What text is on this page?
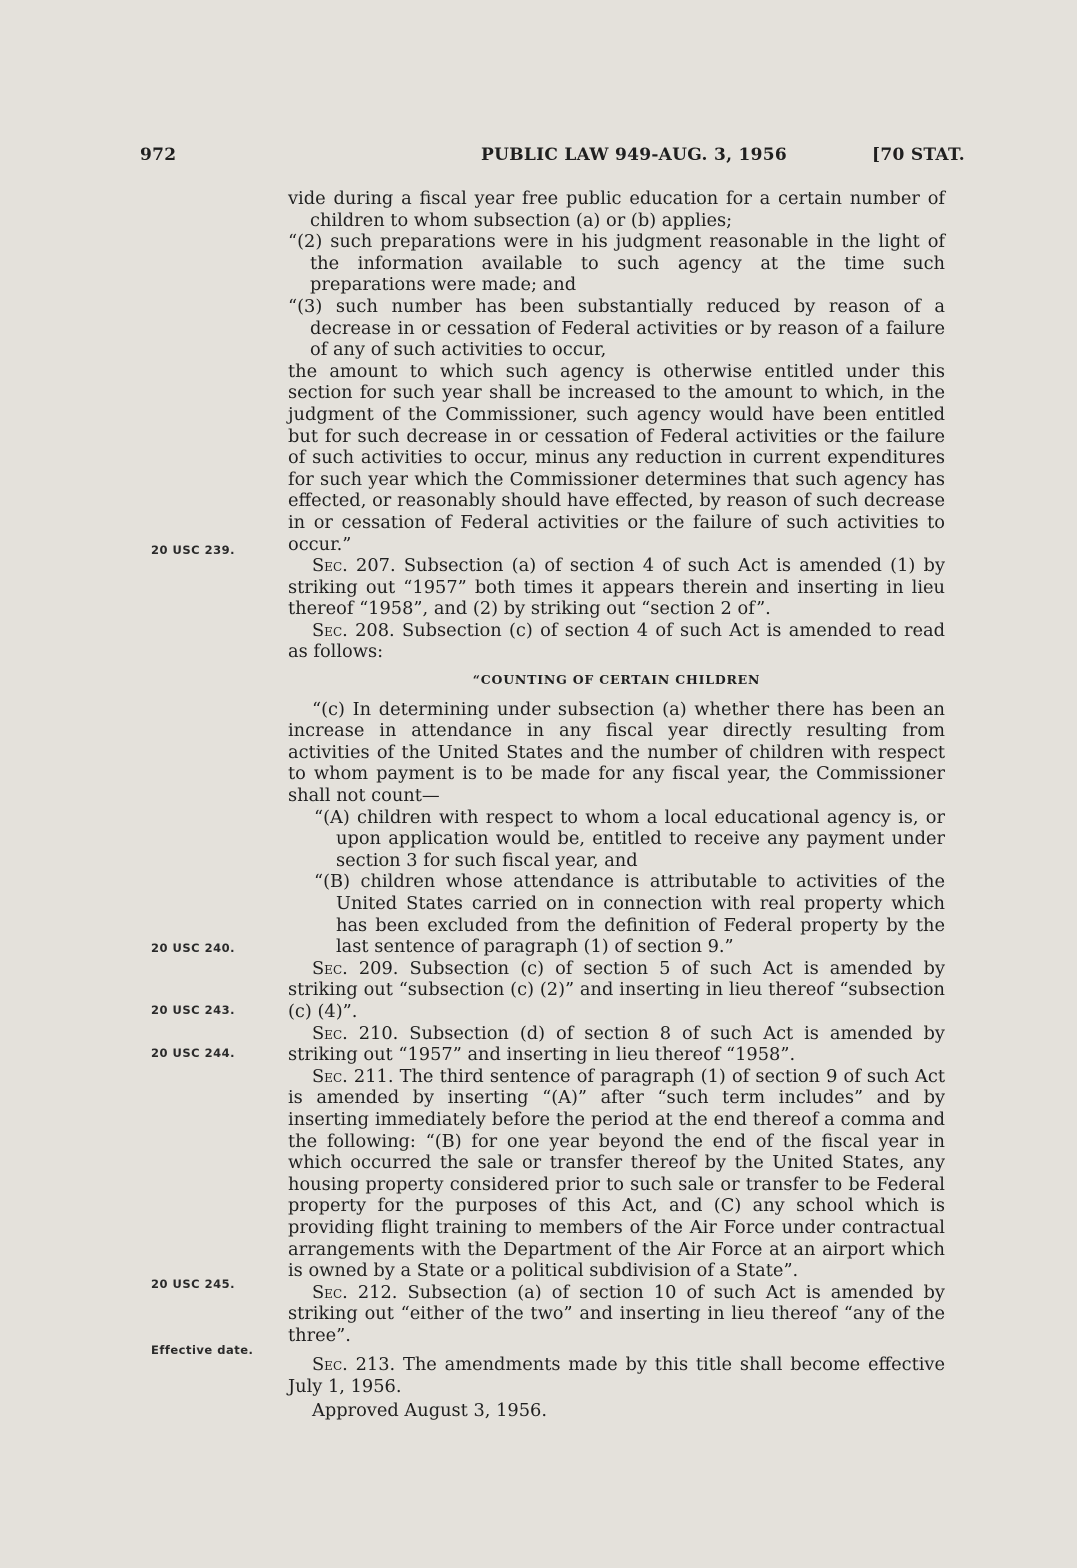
972	PUBLIC LAW 949-AUG. 3, 1956	[70 STAT.
20 USC 239.
20 USC 240.
20 USC 243.
20 USC 244.
20 USC 245.
Effective date.

vide during a fiscal year free public education for a certain number of children to whom subsection (a) or (b) applies;

“(2) such preparations were in his judgment reasonable in the light of the information available to such agency at the time such preparations were made; and

“(3) such number has been substantially reduced by reason of a decrease in or cessation of Federal activities or by reason of a failure of any of such activities to occur,

the amount to which such agency is otherwise entitled under this section for such year shall be increased to the amount to which, in the judgment of the Commissioner, such agency would have been entitled but for such decrease in or cessation of Federal activities or the failure of such activities to occur, minus any reduction in current expenditures for such year which the Commissioner determines that such agency has effected, or reasonably should have effected, by reason of such decrease in or cessation of Federal activities or the failure of such activities to occur.”

Sec. 207. Subsection (a) of section 4 of such Act is amended (1) by striking out “1957” both times it appears therein and inserting in lieu thereof “1958”, and (2) by striking out “section 2 of”.

Sec. 208. Subsection (c) of section 4 of such Act is amended to read as follows:

“COUNTING OF CERTAIN CHILDREN

“(c) In determining under subsection (a) whether there has been an increase in attendance in any fiscal year directly resulting from activities of the United States and the number of children with respect to whom payment is to be made for any fiscal year, the Commissioner shall not count—

“(A) children with respect to whom a local educational agency is, or upon application would be, entitled to receive any payment under section 3 for such fiscal year, and

“(B) children whose attendance is attributable to activities of the United States carried on in connection with real property which has been excluded from the definition of Federal property by the last sentence of paragraph (1) of section 9.”

Sec. 209. Subsection (c) of section 5 of such Act is amended by striking out “subsection (c) (2)” and inserting in lieu thereof “subsection (c) (4)”.

Sec. 210. Subsection (d) of section 8 of such Act is amended by striking out “1957” and inserting in lieu thereof “1958”.

Sec. 211. The third sentence of paragraph (1) of section 9 of such Act is amended by inserting “(A)” after “such term includes” and by inserting immediately before the period at the end thereof a comma and the following: “(B) for one year beyond the end of the fiscal year in which occurred the sale or transfer thereof by the United States, any housing property considered prior to such sale or transfer to be Federal property for the purposes of this Act, and (C) any school which is providing flight training to members of the Air Force under contractual arrangements with the Department of the Air Force at an airport which is owned by a State or a political subdivision of a State”.

Sec. 212. Subsection (a) of section 10 of such Act is amended by striking out “either of the two” and inserting in lieu thereof “any of the three”.

Sec. 213. The amendments made by this title shall become effective July 1, 1956.

Approved August 3, 1956.
